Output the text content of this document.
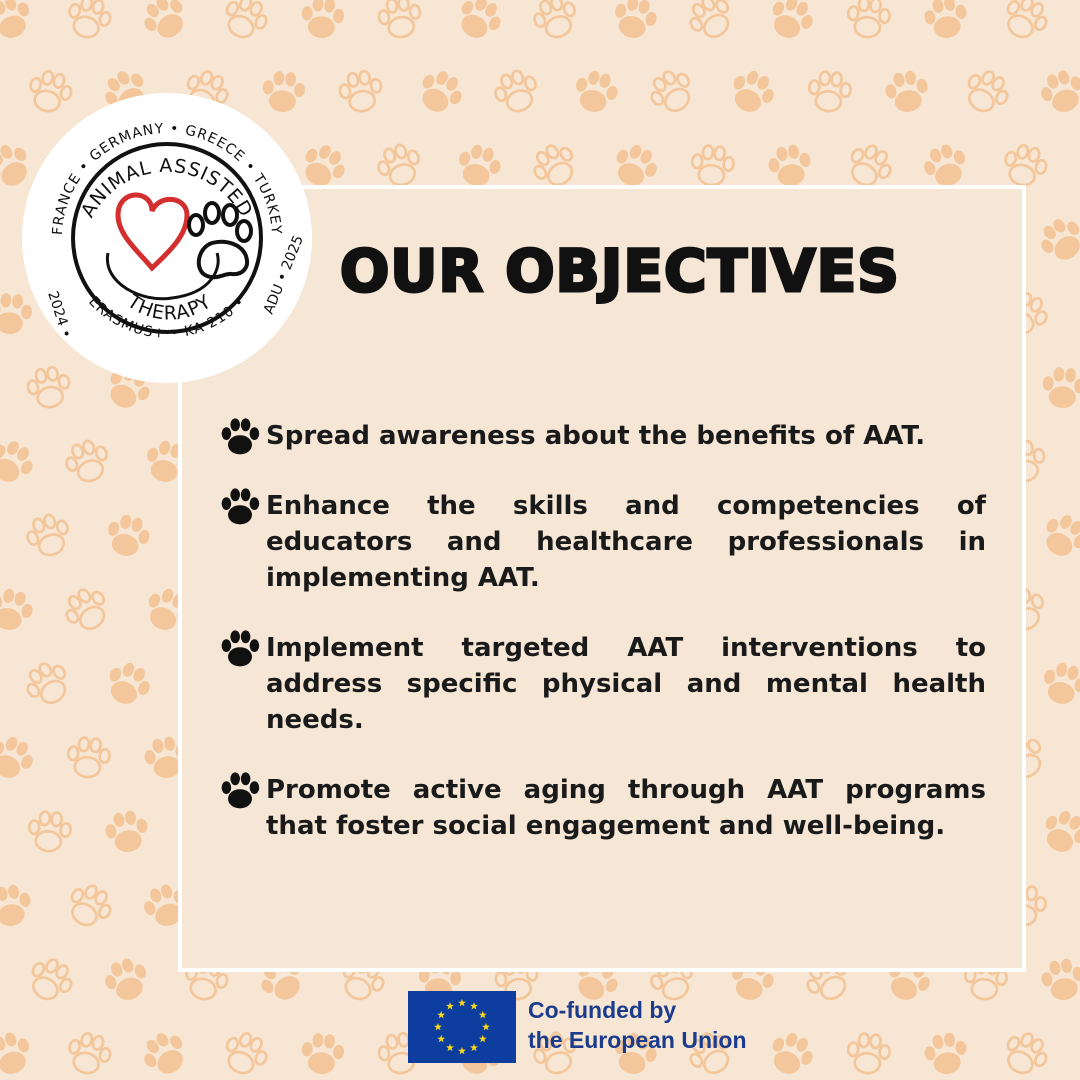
FRANCE • GERMANY • GREECE • TURKEY
ERASMUS+ • KA 210 •
2024 •	ADU • 2025
ANIMAL ASSISTED
THERAPY OUR OBJECTIVES
Spread awareness about the benefits of AAT.
Enhance the skills and competencies of educators and healthcare professionals in implementing AAT.
Implement targeted AAT interventions to address specific physical and mental health needs.
Promote active aging through AAT programs that foster social engagement and well-being.
Co-funded by
the European Union
